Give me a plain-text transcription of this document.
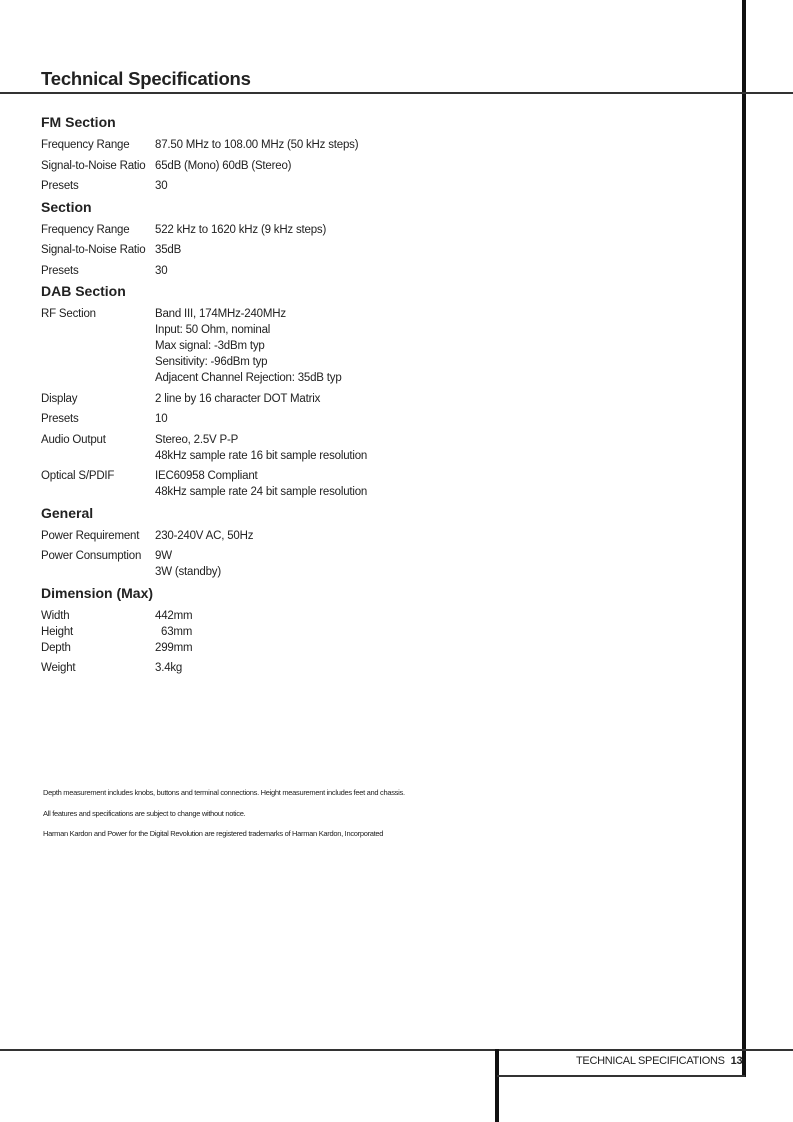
Technical Specifications
FM Section
Frequency Range	87.50 MHz to 108.00 MHz (50 kHz steps)
Signal-to-Noise Ratio 65dB (Mono) 60dB (Stereo)
Presets	30
Section
Frequency Range	522 kHz to 1620 kHz (9 kHz steps)
Signal-to-Noise Ratio 35dB
Presets	30
DAB Section
RF Section	Band III, 174MHz-240MHz
Input: 50 Ohm, nominal
Max signal: -3dBm typ
Sensitivity: -96dBm typ
Adjacent Channel Rejection: 35dB typ
Display	2 line by 16 character DOT Matrix
Presets	10
Audio Output	Stereo, 2.5V P-P
48kHz sample rate 16 bit sample resolution
Optical S/PDIF	IEC60958 Compliant
48kHz sample rate 24 bit sample resolution
General
Power Requirement	230-240V AC, 50Hz
Power Consumption	9W
3W (standby)
Dimension (Max)
Width	442mm
Height	63mm
Depth	299mm
Weight	3.4kg
Depth measurement includes knobs, buttons and terminal connections. Height measurement includes feet and chassis.
All features and specifications are subject to change without notice.
Harman Kardon and Power for the Digital Revolution are registered trademarks of Harman Kardon, Incorporated
TECHNICAL SPECIFICATIONS 13
